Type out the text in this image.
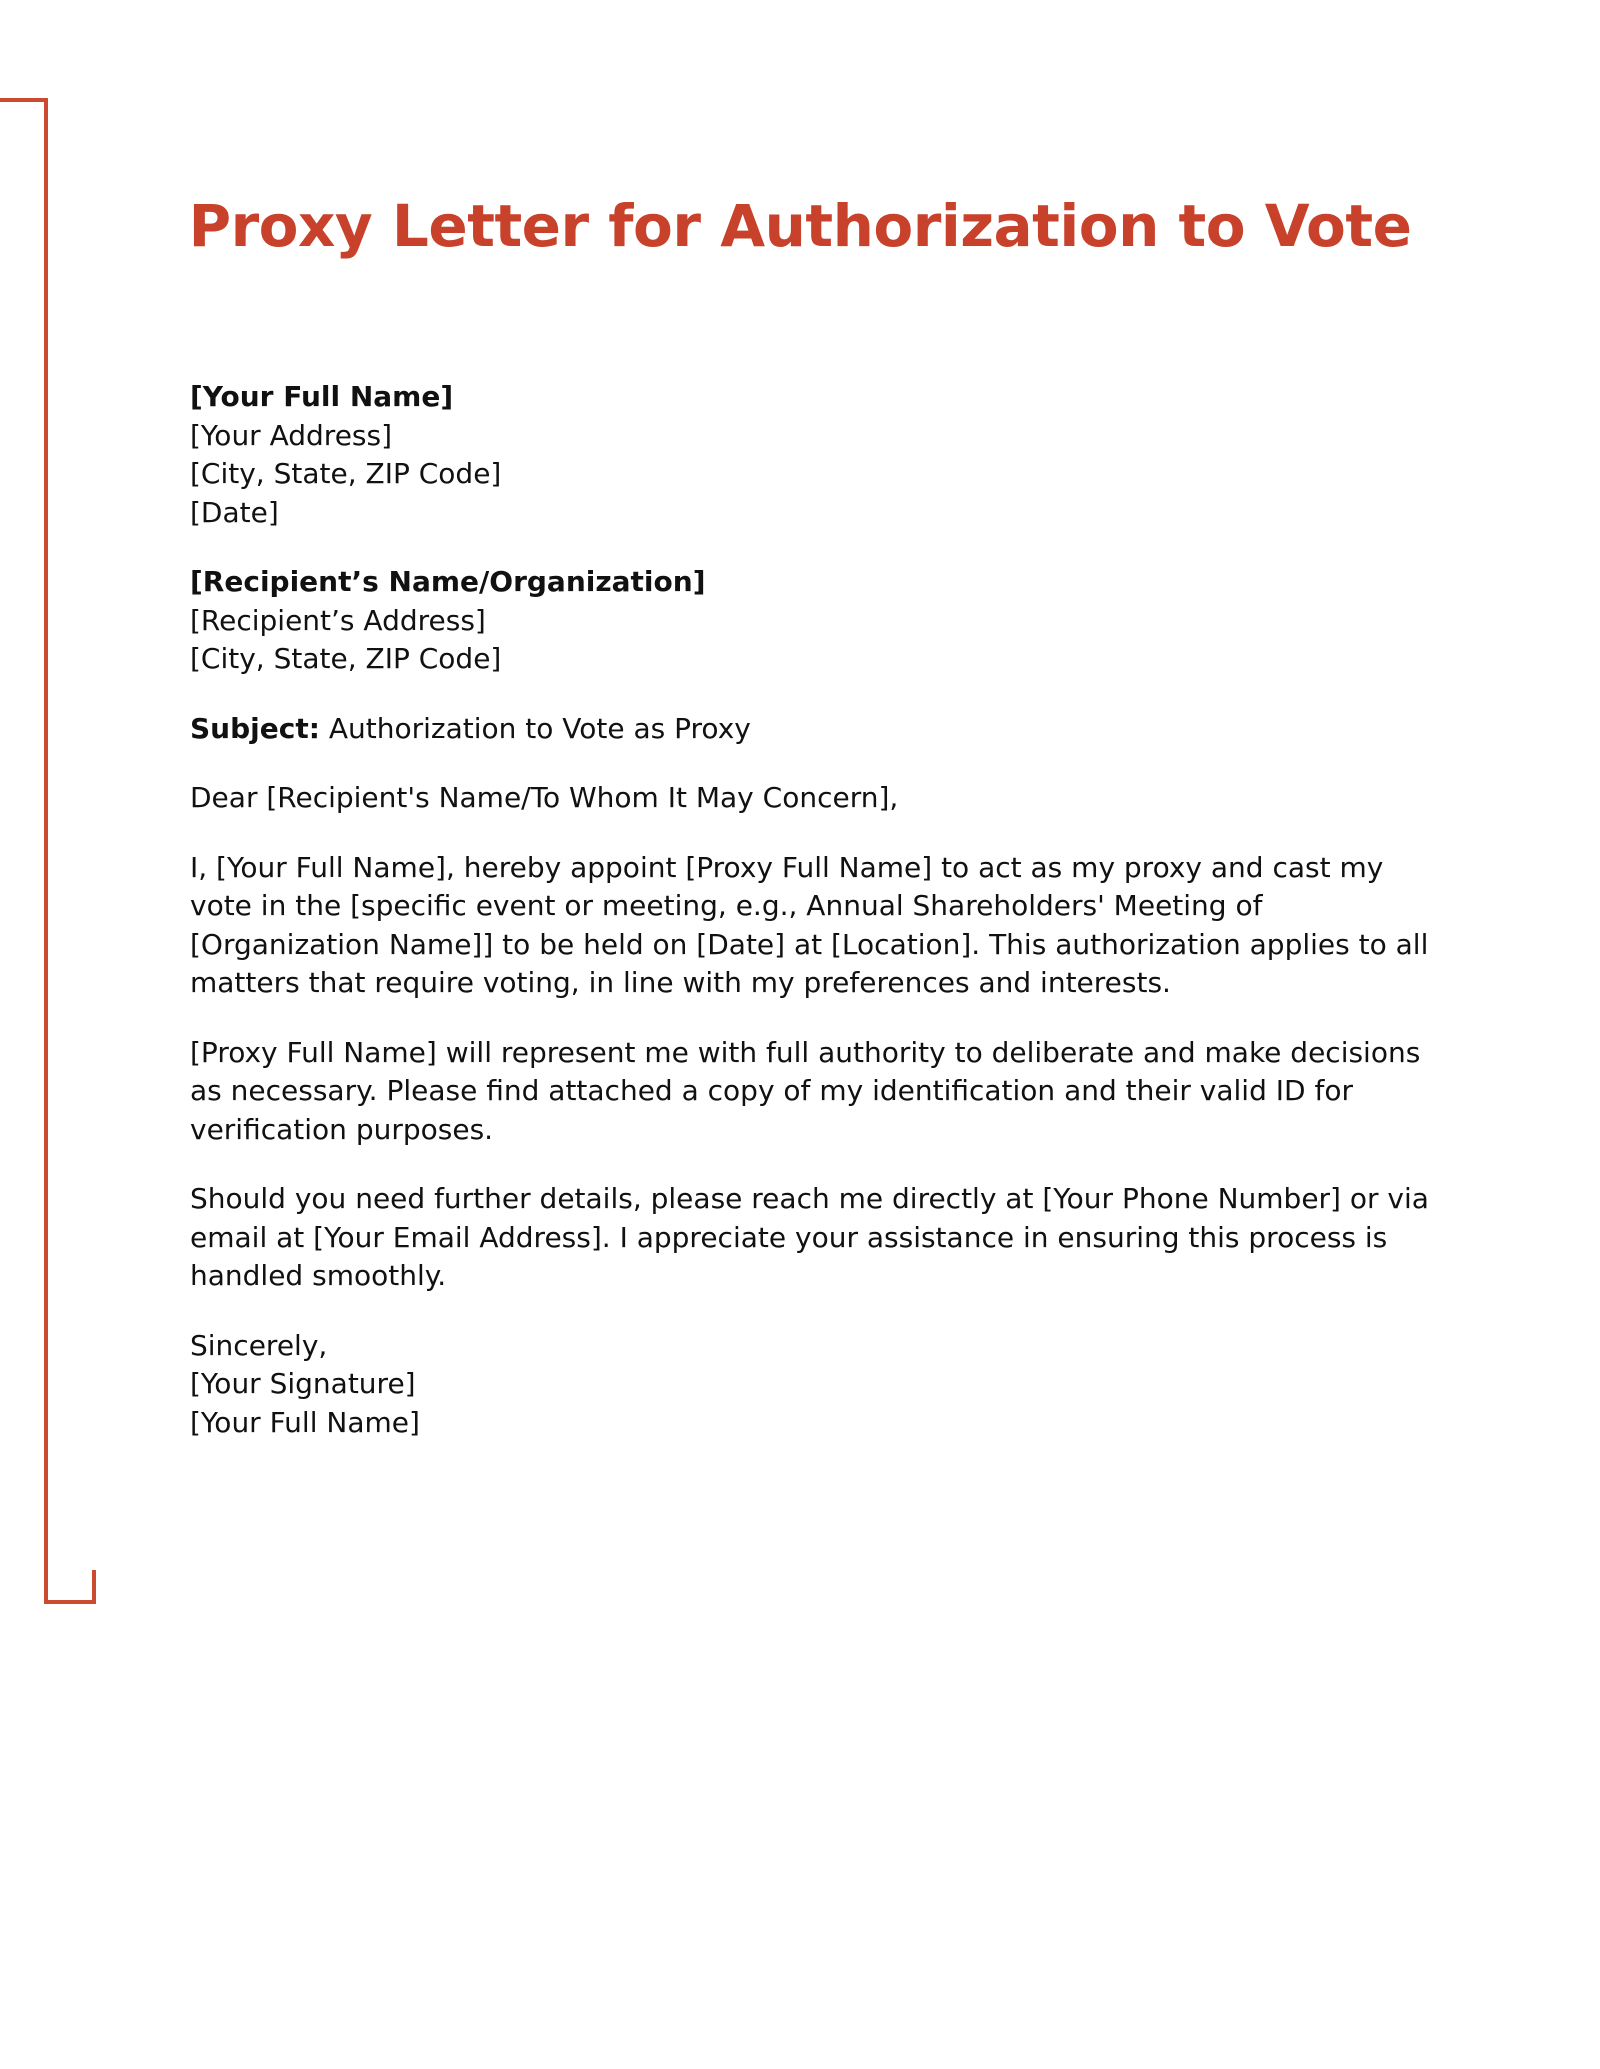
Proxy Letter for Authorization to Vote
[Your Full Name]
[Your Address]
[City, State, ZIP Code]
[Date]
[Recipient’s Name/Organization]
[Recipient’s Address]
[City, State, ZIP Code]
Subject: Authorization to Vote as Proxy
Dear [Recipient's Name/To Whom It May Concern],

I, [Your Full Name], hereby appoint [Proxy Full Name] to act as my proxy and cast my vote in the [specific event or meeting, e.g., Annual Shareholders' Meeting of [Organization Name]] to be held on [Date] at [Location]. This authorization applies to all matters that require voting, in line with my preferences and interests.

[Proxy Full Name] will represent me with full authority to deliberate and make decisions as necessary. Please find attached a copy of my identification and their valid ID for verification purposes.

Should you need further details, please reach me directly at [Your Phone Number] or via email at [Your Email Address]. I appreciate your assistance in ensuring this process is handled smoothly.

Sincerely,
[Your Signature]
[Your Full Name]
